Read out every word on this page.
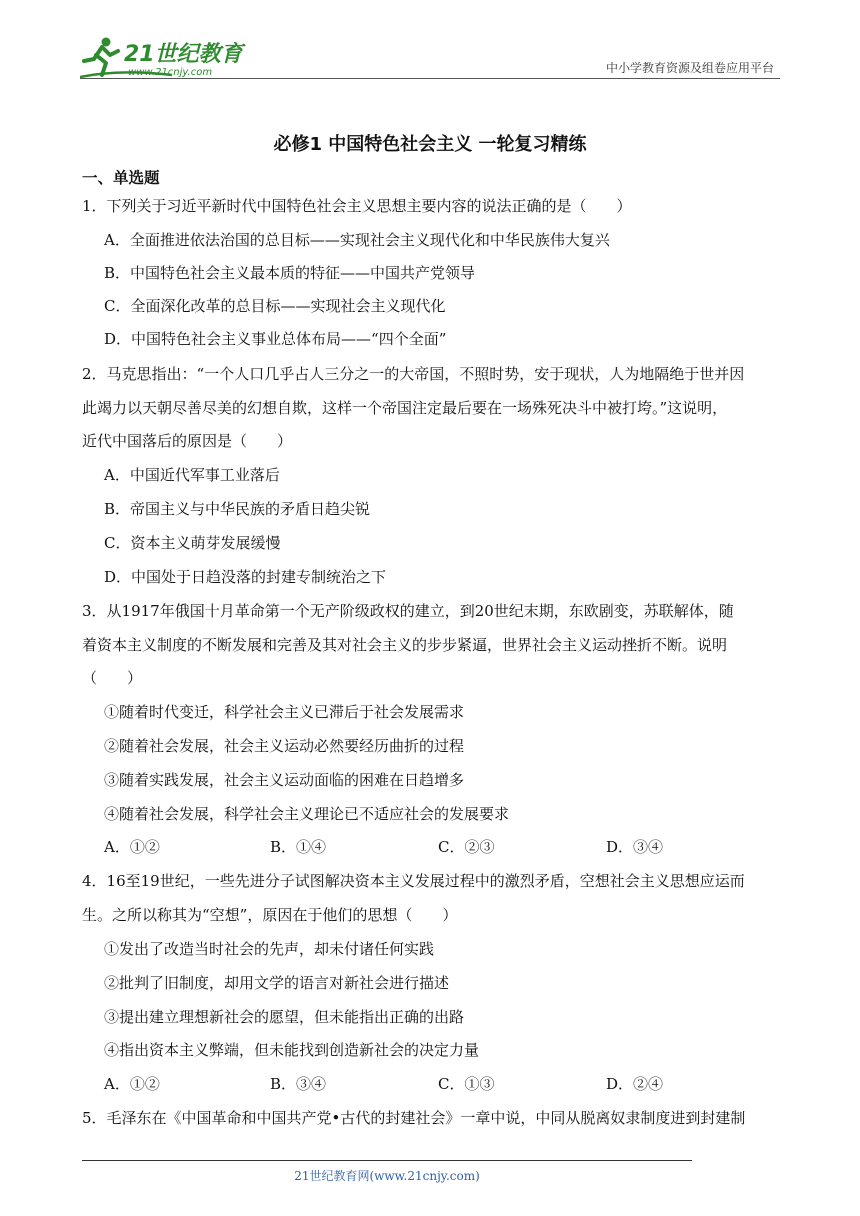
21世纪教育
www.21cnjy.com	中小学教育资源及组卷应用平台
必修1 中国特色社会主义 一轮复习精练
一、单选题
1．下列关于习近平新时代中国特色社会主义思想主要内容的说法正确的是（　　）
A．全面推进依法治国的总目标——实现社会主义现代化和中华民族伟大复兴
B．中国特色社会主义最本质的特征——中国共产党领导
C．全面深化改革的总目标——实现社会主义现代化
D．中国特色社会主义事业总体布局——“四个全面”
2．马克思指出：“一个人口几乎占人三分之一的大帝国，不照时势，安于现状，人为地隔绝于世并因
此竭力以天朝尽善尽美的幻想自欺，这样一个帝国注定最后要在一场殊死决斗中被打垮。”这说明，
近代中国落后的原因是（　　）
A．中国近代军事工业落后
B．帝国主义与中华民族的矛盾日趋尖锐
C．资本主义萌芽发展缓慢
D．中国处于日趋没落的封建专制统治之下
3．从1917年俄国十月革命第一个无产阶级政权的建立，到20世纪末期，东欧剧变，苏联解体，随
着资本主义制度的不断发展和完善及其对社会主义的步步紧逼，世界社会主义运动挫折不断。说明
（　　）
①随着时代变迁，科学社会主义已滞后于社会发展需求
②随着社会发展，社会主义运动必然要经历曲折的过程
③随着实践发展，社会主义运动面临的困难在日趋增多
④随着社会发展，科学社会主义理论已不适应社会的发展要求
A．①②	B．①④	C．②③	D．③④
4．16至19世纪，一些先进分子试图解决资本主义发展过程中的激烈矛盾，空想社会主义思想应运而
生。之所以称其为“空想”，原因在于他们的思想（　　）
①发出了改造当时社会的先声，却未付诸任何实践
②批判了旧制度，却用文学的语言对新社会进行描述
③提出建立理想新社会的愿望，但未能指出正确的出路
④指出资本主义弊端，但未能找到创造新社会的决定力量
A．①②	B．③④	C．①③	D．②④
5．毛泽东在《中国革命和中国共产党•古代的封建社会》一章中说，中同从脱离奴隶制度进到封建制
21世纪教育网(www.21cnjy.com)
